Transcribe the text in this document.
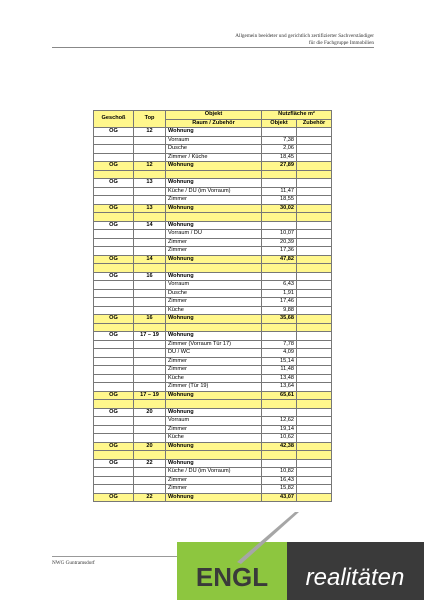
Allgemein beeideter und gerichtlich zertifizierter Sachverständiger
für die Fachgruppe Immobilien
Geschoß	Top	Objekt	Nutzfläche m²	
		Raum / Zubehör	Objekt	Zubehör
OG	12	Wohnung		
		Vorraum	7,38	
		Dusche	2,06	
		Zimmer / Küche	18,45	
OG	12	Wohnung	27,89	

OG	13	Wohnung		
		Küche / DU (im Vorraum)	11,47	
		Zimmer	18,55	
OG	13	Wohnung	30,02	

OG	14	Wohnung		
		Vorraum / DU	10,07	
		Zimmer	20,39	
		Zimmer	17,36	
OG	14	Wohnung	47,82	

OG	16	Wohnung		
		Vorraum	6,43	
		Dusche	1,91	
		Zimmer	17,46	
		Küche	9,88	
OG	16	Wohnung	35,68	

OG	17 – 19	Wohnung		
		Zimmer (Vorraum Tür 17)	7,78	
		DU / WC	4,09	
		Zimmer	15,14	
		Zimmer	11,48	
		Küche	13,48	
		Zimmer (Tür 19)	13,64	
OG	17 – 19	Wohnung	65,61	

OG	20	Wohnung		
		Vorraum	12,62	
		Zimmer	19,14	
		Küche	10,62	
OG	20	Wohnung	42,38	

OG	22	Wohnung		
		Küche / DU (im Vorraum)	10,82	
		Zimmer	16,43	
		Zimmer	15,82	
OG	22	Wohnung	43,07	
NWG Guntramsdorf	ENGL realitäten
